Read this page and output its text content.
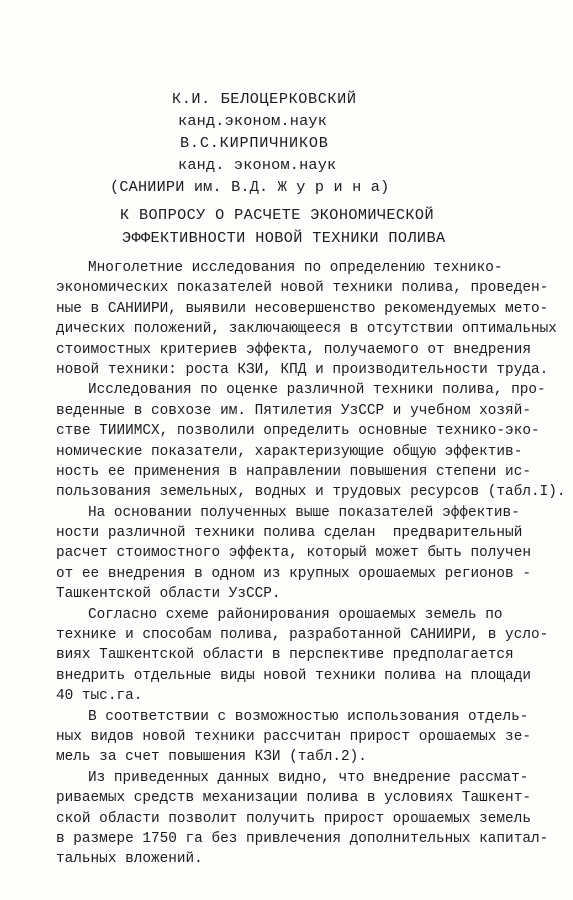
К.И. БЕЛОЦЕРКОВСКИЙ
канд.эконом.наук
В.С.КИРПИЧНИКОВ
канд. эконом.наук
(САНИИРИ им. В.Д. Ж у р и н а)
К ВОПРОСУ О РАСЧЕТЕ ЭКОНОМИЧЕСКОЙ
ЭФФЕКТИВНОСТИ НОВОЙ ТЕХНИКИ ПОЛИВА
Многолетние исследования по определению технико-
экономических показателей новой техники полива, проведен-
ные в САНИИРИ, выявили несовершенство рекомендуемых мето-
дических положений, заключающееся в отсутствии оптимальных
стоимостных критериев эффекта, получаемого от внедрения
новой техники: роста КЗИ, КПД и производительности труда.
Исследования по оценке различной техники полива, про-
веденные в совхозе им. Пятилетия УзССР и учебном хозяй-
стве ТИИИМСХ, позволили определить основные технико-эко-
номические показатели, характеризующие общую эффектив-
ность ее применения в направлении повышения степени ис-
пользования земельных, водных и трудовых ресурсов (табл.I).
На основании полученных выше показателей эффектив-
ности различной техники полива сделан  предварительный
расчет стоимостного эффекта, который может быть получен
от ее внедрения в одном из крупных орошаемых регионов -
Ташкентской области УзССР.
Согласно схеме районирования орошаемых земель по
технике и способам полива, разработанной САНИИРИ, в усло-
виях Ташкентской области в перспективе предполагается
внедрить отдельные виды новой техники полива на площади
40 тыс.га.
В соответствии с возможностью использования отдель-
ных видов новой техники рассчитан прирост орошаемых зе-
мель за счет повышения КЗИ (табл.2).
Из приведенных данных видно, что внедрение рассмат-
риваемых средств механизации полива в условиях Ташкент-
ской области позволит получить прирост орошаемых земель
в размере 1750 га без привлечения дополнительных капитал-
тальных вложений.
